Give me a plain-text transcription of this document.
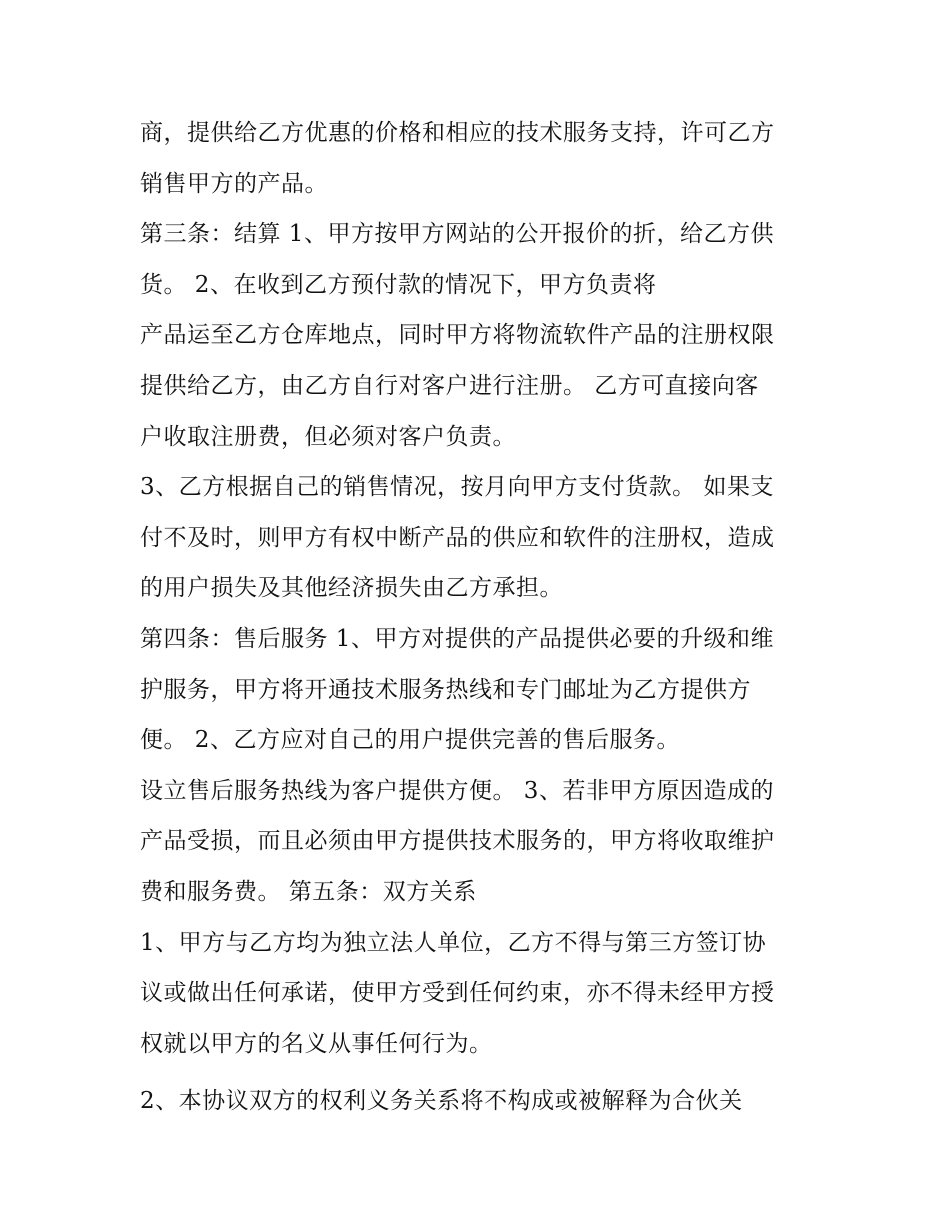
商，提供给乙方优惠的价格和相应的技术服务支持，许可乙方
销售甲方的产品。
第三条：结算 1、甲方按甲方网站的公开报价的折，给乙方供
货。 2、在收到乙方预付款的情况下，甲方负责将
产品运至乙方仓库地点，同时甲方将物流软件产品的注册权限
提供给乙方，由乙方自行对客户进行注册。 乙方可直接向客
户收取注册费，但必须对客户负责。
3、乙方根据自己的销售情况，按月向甲方支付货款。 如果支
付不及时，则甲方有权中断产品的供应和软件的注册权，造成
的用户损失及其他经济损失由乙方承担。
第四条：售后服务 1、甲方对提供的产品提供必要的升级和维
护服务，甲方将开通技术服务热线和专门邮址为乙方提供方
便。 2、乙方应对自己的用户提供完善的售后服务。
设立售后服务热线为客户提供方便。 3、若非甲方原因造成的
产品受损，而且必须由甲方提供技术服务的，甲方将收取维护
费和服务费。 第五条：双方关系
1、甲方与乙方均为独立法人单位，乙方不得与第三方签订协
议或做出任何承诺，使甲方受到任何约束，亦不得未经甲方授
权就以甲方的名义从事任何行为。
2、本协议双方的权利义务关系将不构成或被解释为合伙关
